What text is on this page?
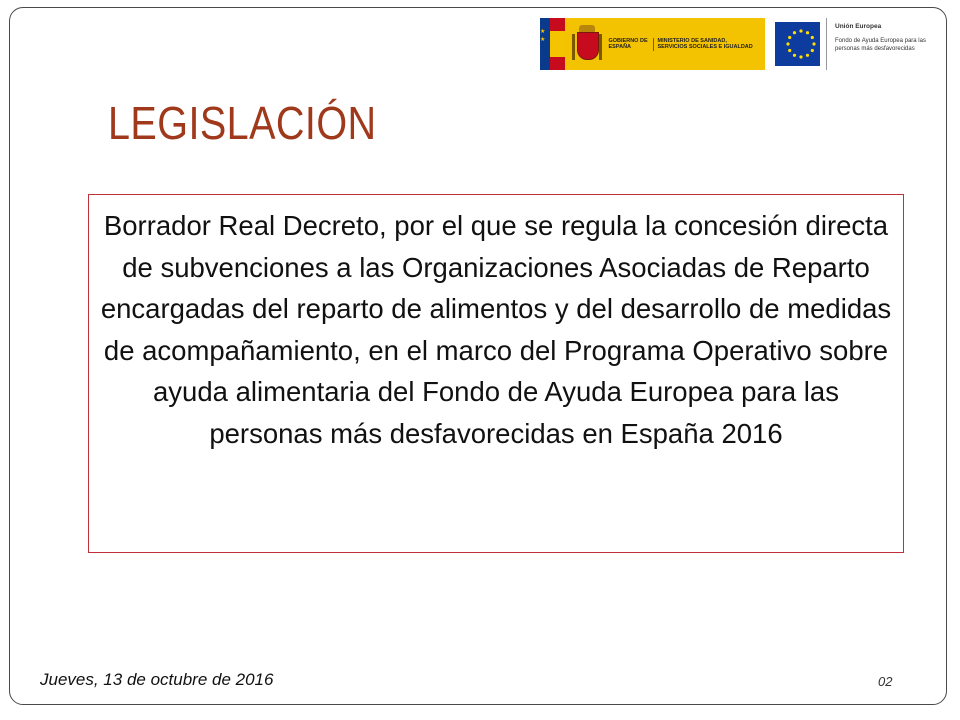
★★
GOBIERNO DE ESPAÑA
MINISTERIO DE SANIDAD, SERVICIOS SOCIALES E IGUALDAD
Unión Europea
Fondo de Ayuda Europea para las personas más desfavorecidas
LEGISLACIÓN

Borrador Real Decreto, por el que se regula la concesión directa de subvenciones a las Organizaciones Asociadas de Reparto encargadas del reparto de alimentos y del desarrollo de medidas de acompañamiento, en el marco del Programa Operativo sobre ayuda alimentaria del Fondo de Ayuda Europea para las personas más desfavorecidas en España 2016

Jueves, 13 de octubre de 2016	02
